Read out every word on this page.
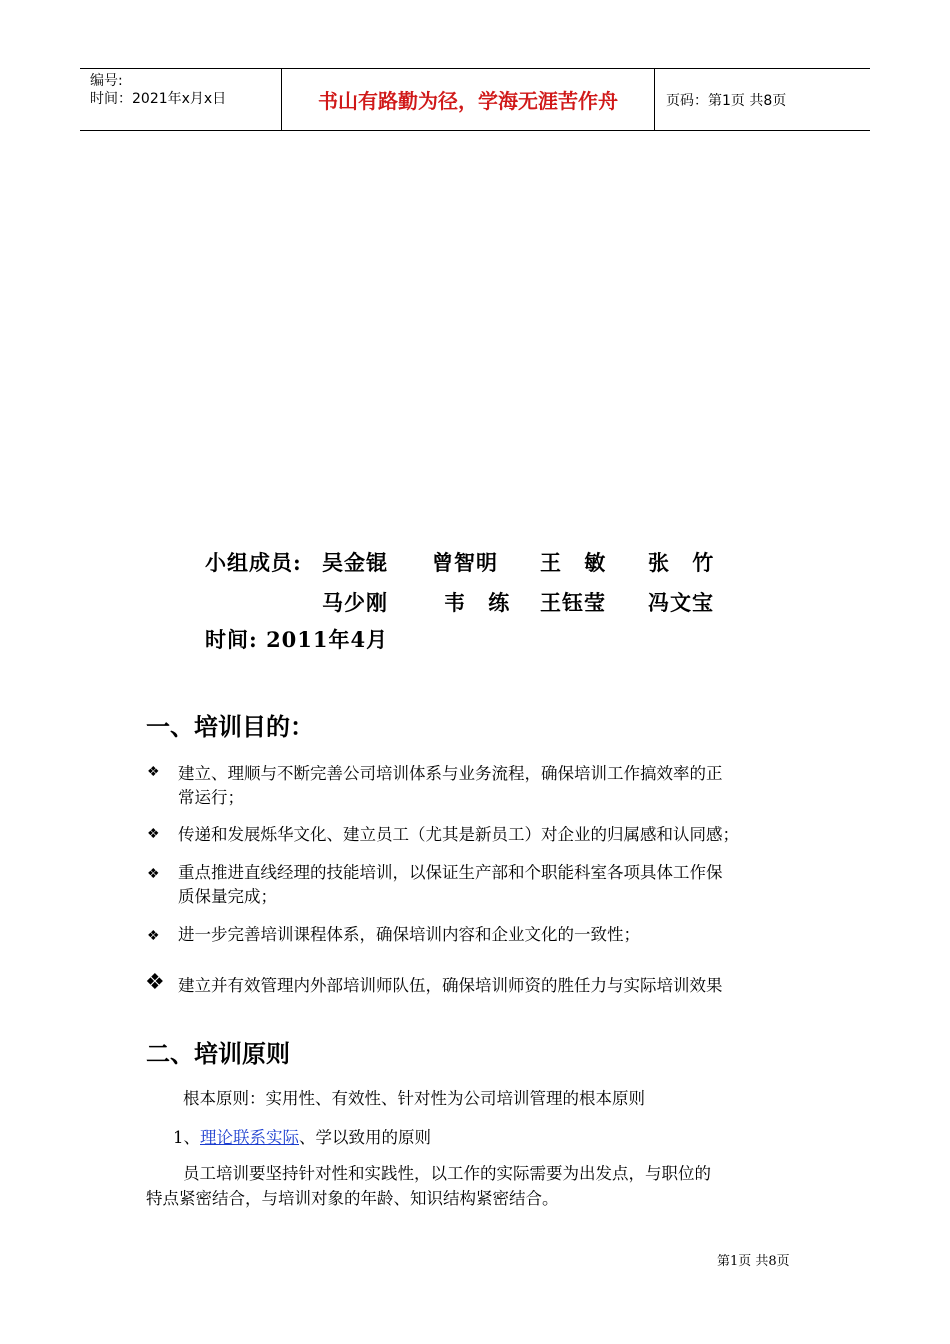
编号:
时间：2021年x月x日	书山有路勤为径，学海无涯苦作舟	页码：第1页 共8页
小组成员: 吴金锟 曾智明 王 敏 张 竹
马少刚	韦 练 王钰莹 冯文宝
时间: 2011年4月
一、培训目的：
❖ 建立、理顺与不断完善公司培训体系与业务流程，确保培训工作搞效率的正
常运行；
❖ 传递和发展烁华文化、建立员工（尤其是新员工）对企业的归属感和认同感；
❖ 重点推进直线经理的技能培训，以保证生产部和个职能科室各项具体工作保
质保量完成；
❖ 进一步完善培训课程体系，确保培训内容和企业文化的一致性；
❖ 建立并有效管理内外部培训师队伍，确保培训师资的胜任力与实际培训效果
二、培训原则
根本原则：实用性、有效性、针对性为公司培训管理的根本原则
1、理论联系实际、学以致用的原则
员工培训要坚持针对性和实践性，以工作的实际需要为出发点，与职位的
特点紧密结合，与培训对象的年龄、知识结构紧密结合。
第1页 共8页
